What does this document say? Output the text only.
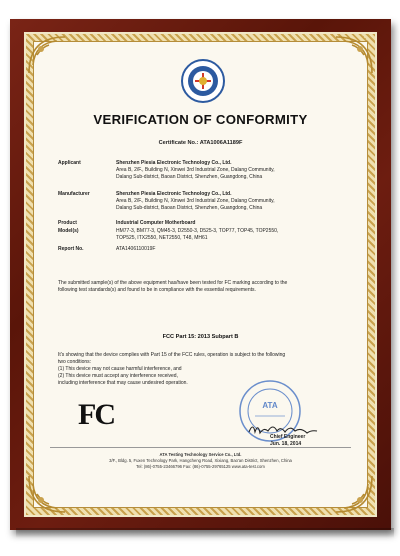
VERIFICATION OF CONFORMITY
Certificate No.: ATA1006A1189F
Applicant	Shenzhen Piesia Electronic Technology Co., Ltd.
Area B, 2/F., Building N, Xinwei 3rd Industrial Zone, Dalang Community,
Dalang Sub-district, Baoan District, Shenzhen, Guangdong, China
Manufacturer	Shenzhen Piesia Electronic Technology Co., Ltd.
Area B, 2/F., Building N, Xinwei 3rd Industrial Zone, Dalang Community,
Dalang Sub-district, Baoan District, Shenzhen, Guangdong, China
Product	Industrial Computer Motherboard
Model(s)	HM77-3, BM77-3, QM45-3, D2550-3, D525-3, TOP77, TOP45, TOP2550,
TOP525, ITX2550, NET2550, T48, MH61
Report No.	ATA1406110019F
The submitted sample(s) of the above equipment has/have been tested for FC marking according to the
following test standards(s) and found to be in compliance with the essential requirements.
FCC Part 15: 2013 Subpart B
It's showing that the device complies with Part 15 of the FCC rules, operation is subject to the following
two conditions:
(1) This device may not cause harmful interference, and
(2) This device must accept any interference received,
including interference that may cause undesired operation.
FC	ATA
Chief Engineer
Jun. 18, 2014
ATA Testing Technology Service Co., Ltd.
3/F., Bldg. 5, Fuxen Technology Park, Hangcheng Road, Xixiang, Bao'an District, Shenzhen, China
Tel: (86)-0755-23466796 Fax: (86)-0755-29765125 www.ata-test.com
